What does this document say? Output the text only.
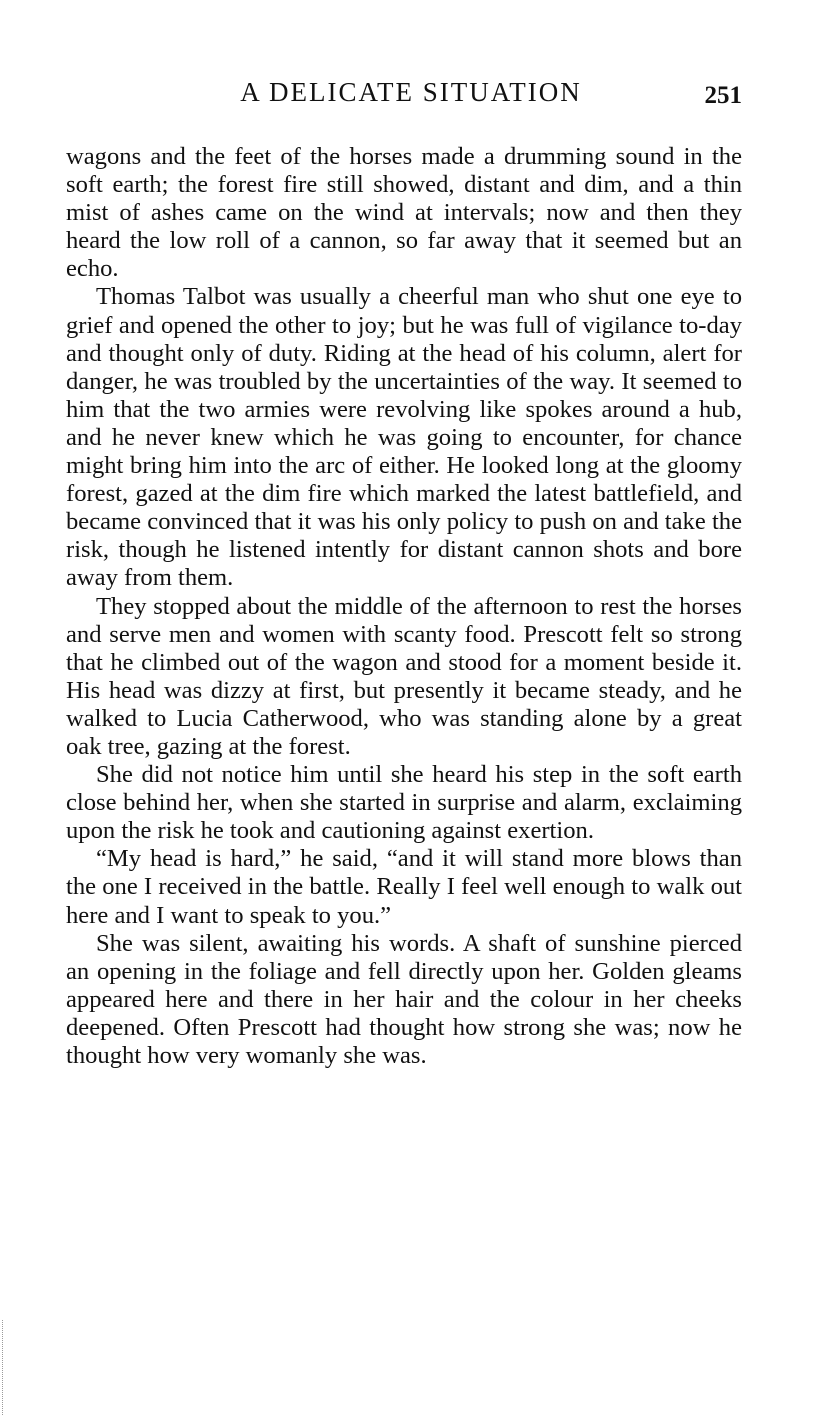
A DELICATE SITUATION	251

wagons and the feet of the horses made a drumming sound in the soft earth; the forest fire still showed, distant and dim, and a thin mist of ashes came on the wind at intervals; now and then they heard the low roll of a cannon, so far away that it seemed but an echo.

Thomas Talbot was usually a cheerful man who shut one eye to grief and opened the other to joy; but he was full of vigilance to-day and thought only of duty. Riding at the head of his column, alert for danger, he was troubled by the uncertainties of the way. It seemed to him that the two armies were revolving like spokes around a hub, and he never knew which he was going to encounter, for chance might bring him into the arc of either. He looked long at the gloomy forest, gazed at the dim fire which marked the latest battlefield, and became convinced that it was his only policy to push on and take the risk, though he listened intently for distant cannon shots and bore away from them.

They stopped about the middle of the afternoon to rest the horses and serve men and women with scanty food. Prescott felt so strong that he climbed out of the wagon and stood for a moment beside it. His head was dizzy at first, but presently it became steady, and he walked to Lucia Catherwood, who was standing alone by a great oak tree, gazing at the forest.

She did not notice him until she heard his step in the soft earth close behind her, when she started in surprise and alarm, exclaiming upon the risk he took and cautioning against exertion.

“My head is hard,” he said, “and it will stand more blows than the one I received in the battle. Really I feel well enough to walk out here and I want to speak to you.”

She was silent, awaiting his words. A shaft of sunshine pierced an opening in the foliage and fell directly upon her. Golden gleams appeared here and there in her hair and the colour in her cheeks deepened. Often Prescott had thought how strong she was; now he thought how very womanly she was.
